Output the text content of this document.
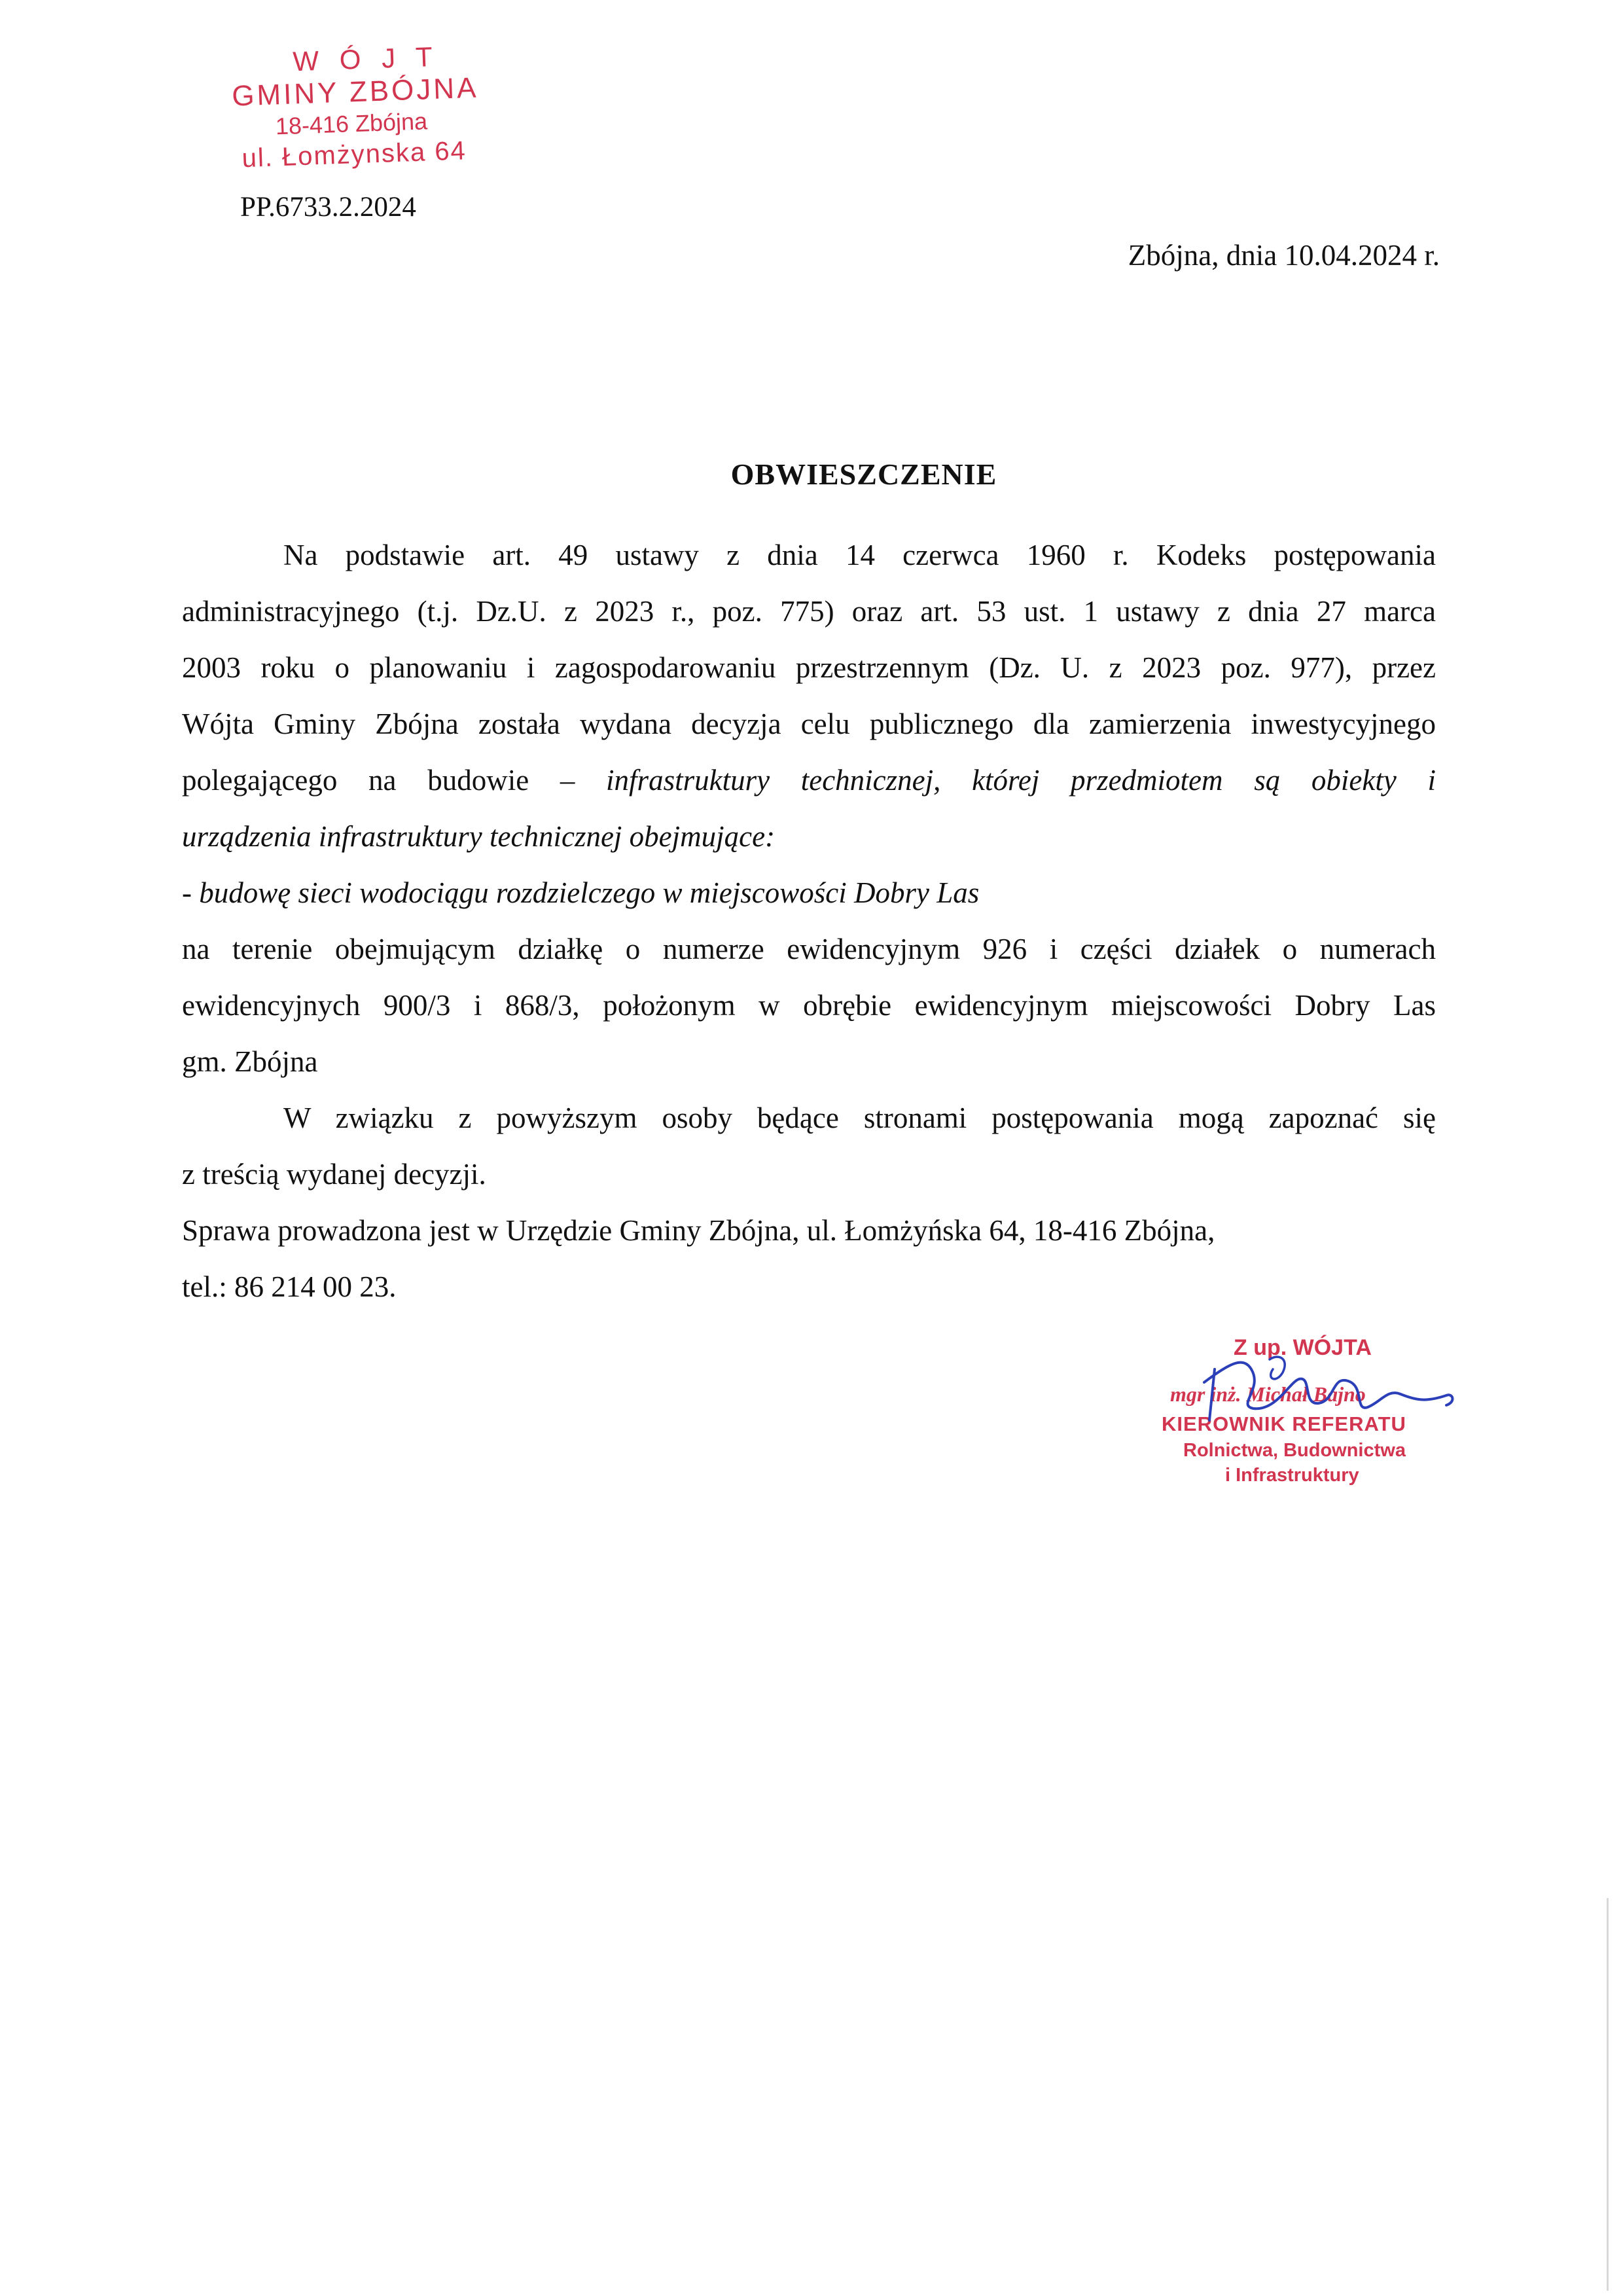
W Ó J T
GMINY ZBÓJNA
18-416 Zbójna
ul. Łomżynska 64
PP.6733.2.2024
Zbójna, dnia 10.04.2024 r.
OBWIESZCZENIE

Na podstawie art. 49 ustawy z dnia 14 czerwca 1960 r. Kodeks postępowania

administracyjnego (t.j. Dz.U. z 2023 r., poz. 775) oraz art. 53 ust. 1 ustawy z dnia 27 marca

2003 roku o planowaniu i zagospodarowaniu przestrzennym (Dz. U. z 2023 poz. 977), przez

Wójta Gminy Zbójna została wydana decyzja celu publicznego dla zamierzenia inwestycyjnego

polegającego na budowie – infrastruktury technicznej, której przedmiotem są obiekty i

urządzenia infrastruktury technicznej obejmujące:

- budowę sieci wodociągu rozdzielczego w miejscowości Dobry Las

na terenie obejmującym działkę o numerze ewidencyjnym 926 i części działek o numerach

ewidencyjnych 900/3 i 868/3, położonym w obrębie ewidencyjnym miejscowości Dobry Las

gm. Zbójna

W związku z powyższym osoby będące stronami postępowania mogą zapoznać się

z treścią wydanej decyzji.

Sprawa prowadzona jest w Urzędzie Gminy Zbójna, ul. Łomżyńska 64, 18-416 Zbójna,

tel.: 86 214 00 23.

Z up. WÓJTA
mgr inż. Michał Bajno
KIEROWNIK REFERATU
Rolnictwa, Budownictwa
i Infrastruktury
